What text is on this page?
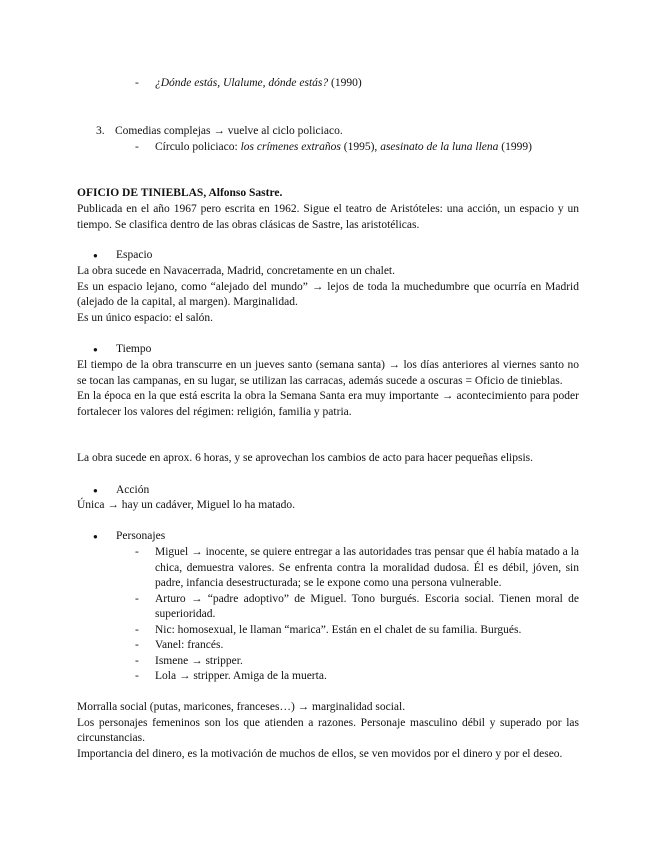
- ¿Dónde estás, Ulalume, dónde estás? (1990)
3. Comedias complejas → vuelve al ciclo policiaco.
- Círculo policiaco: los crímenes extraños (1995), asesinato de la luna llena (1999)
OFICIO DE TINIEBLAS, Alfonso Sastre.
Publicada en el año 1967 pero escrita en 1962. Sigue el teatro de Aristóteles: una acción, un espacio y un tiempo. Se clasifica dentro de las obras clásicas de Sastre, las aristotélicas.
● Espacio

La obra sucede en Navacerrada, Madrid, concretamente en un chalet.

Es un espacio lejano, como “alejado del mundo” → lejos de toda la muchedumbre que ocurría en Madrid (alejado de la capital, al margen). Marginalidad.

Es un único espacio: el salón.

● Tiempo

El tiempo de la obra transcurre en un jueves santo (semana santa) → los días anteriores al viernes santo no se tocan las campanas, en su lugar, se utilizan las carracas, además sucede a oscuras = Oficio de tinieblas.

En la época en la que está escrita la obra la Semana Santa era muy importante → acontecimiento para poder fortalecer los valores del régimen: religión, familia y patria.

La obra sucede en aprox. 6 horas, y se aprovechan los cambios de acto para hacer pequeñas elipsis.
● Acción
Única → hay un cadáver, Miguel lo ha matado.
● Personajes
- Miguel → inocente, se quiere entregar a las autoridades tras pensar que él había matado a la chica, demuestra valores. Se enfrenta contra la moralidad dudosa. Él es débil, jóven, sin padre, infancia desestructurada; se le expone como una persona vulnerable.
- Arturo → “padre adoptivo” de Miguel. Tono burgués. Escoria social. Tienen moral de superioridad.
- Nic: homosexual, le llaman “marica”. Están en el chalet de su familia. Burgués.
- Vanel: francés.
- Ismene → stripper.
- Lola → stripper. Amiga de la muerta.

Morralla social (putas, maricones, franceses…) → marginalidad social.

Los personajes femeninos son los que atienden a razones. Personaje masculino débil y superado por las circunstancias.

Importancia del dinero, es la motivación de muchos de ellos, se ven movidos por el dinero y por el deseo.
